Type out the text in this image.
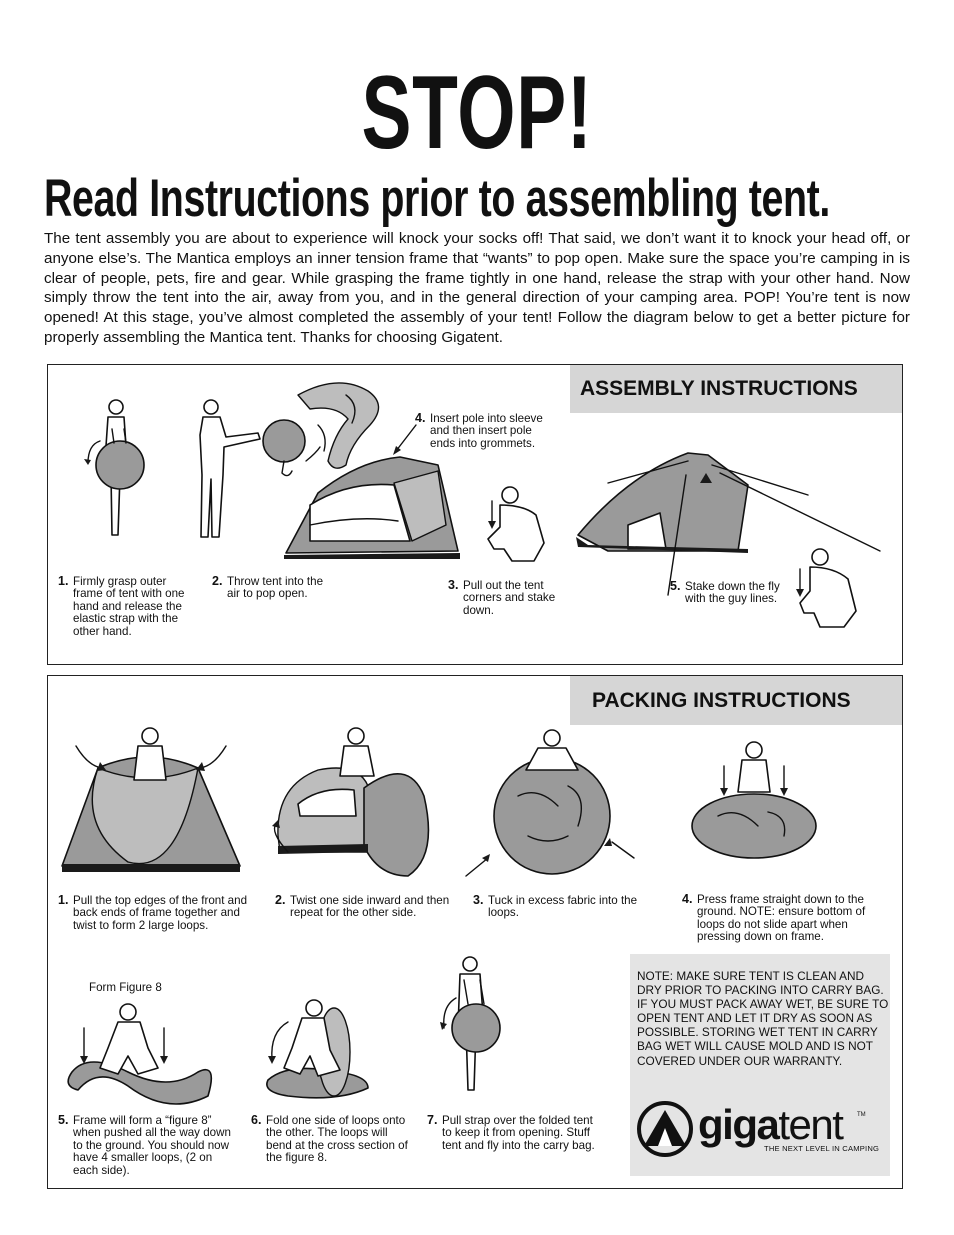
STOP!
Read Instructions prior to assembling tent.
The tent assembly you are about to experience will knock your socks off! That said, we don’t want it to knock your head off, or anyone else’s. The Mantica employs an inner tension frame that “wants” to pop open. Make sure the space you’re camping in is clear of people, pets, fire and gear. While grasping the frame tightly in one hand, release the strap with your other hand. Now simply throw the tent into the air, away from you, and in the general direction of your camping area. POP! You’re tent is now opened! At this stage, you’ve almost completed the assembly of your tent! Follow the diagram below to get a better picture for properly assembling the Mantica tent. Thanks for choosing Gigatent.
ASSEMBLY INSTRUCTIONS
1. Firmly grasp outer frame of tent with one hand and release the elastic strap with the other hand.
2. Throw tent into the air to pop open.
3. Pull out the tent corners and stake down.
4. Insert pole into sleeve and then insert pole ends into grommets.
5. Stake down the fly with the guy lines.
PACKING INSTRUCTIONS
1. Pull the top edges of the front and back ends of frame together and twist to form 2 large loops.
2. Twist one side inward and then repeat for the other side.
3. Tuck in excess fabric into the loops.
4. Press frame straight down to the ground. NOTE: ensure bottom of loops do not slide apart when pressing down on frame.
Form Figure 8
5. Frame will form a “figure 8” when pushed all the way down to the ground. You should now have 4 smaller loops, (2 on each side).
6. Fold one side of loops onto the other. The loops will bend at the cross section of the figure 8.
7. Pull strap over the folded tent to keep it from opening. Stuff tent and fly into the carry bag.
NOTE: MAKE SURE TENT IS CLEAN AND DRY PRIOR TO PACKING INTO CARRY BAG. IF YOU MUST PACK AWAY WET, BE SURE TO OPEN TENT AND LET IT DRY AS SOON AS POSSIBLE. STORING WET TENT IN CARRY BAG WET WILL CAUSE MOLD AND IS NOT COVERED UNDER OUR WARRANTY.
gigatent TM
THE NEXT LEVEL IN CAMPING
